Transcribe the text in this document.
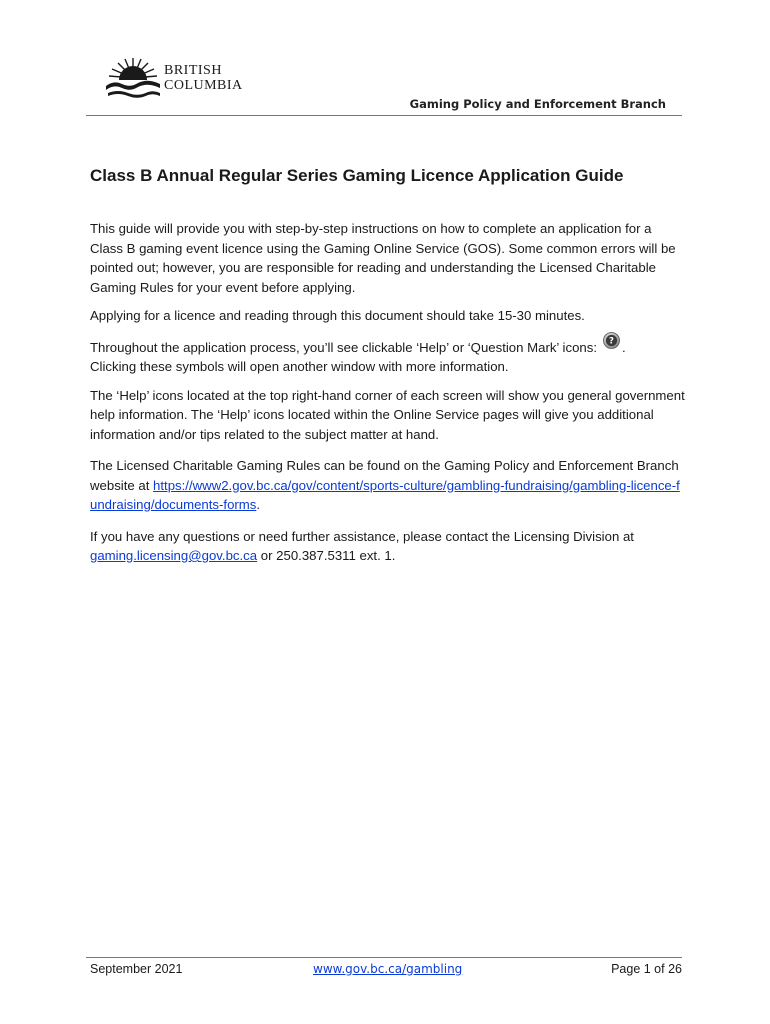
BRITISH
COLUMBIA
Gaming Policy and Enforcement Branch
Class B Annual Regular Series Gaming Licence Application Guide

This guide will provide you with step-by-step instructions on how to complete an application for a Class B gaming event licence using the Gaming Online Service (GOS). Some common errors will be pointed out; however, you are responsible for reading and understanding the Licensed Charitable Gaming Rules for your event before applying.

Applying for a licence and reading through this document should take 15-30 minutes.

Throughout the application process, you’ll see clickable ‘Help’ or ‘Question Mark’ icons: ? .
Clicking these symbols will open another window with more information.

The ‘Help’ icons located at the top right-hand corner of each screen will show you general government help information. The ‘Help’ icons located within the Online Service pages will give you additional information and/or tips related to the subject matter at hand.

The Licensed Charitable Gaming Rules can be found on the Gaming Policy and Enforcement Branch website at https://www2.gov.bc.ca/gov/content/sports-culture/gambling-fundraising/gambling-licence-fundraising/documents-forms.

If you have any questions or need further assistance, please contact the Licensing Division at gaming.licensing@gov.bc.ca or 250.387.5311 ext. 1.

September 2021	www.gov.bc.ca/gambling	Page 1 of 26
